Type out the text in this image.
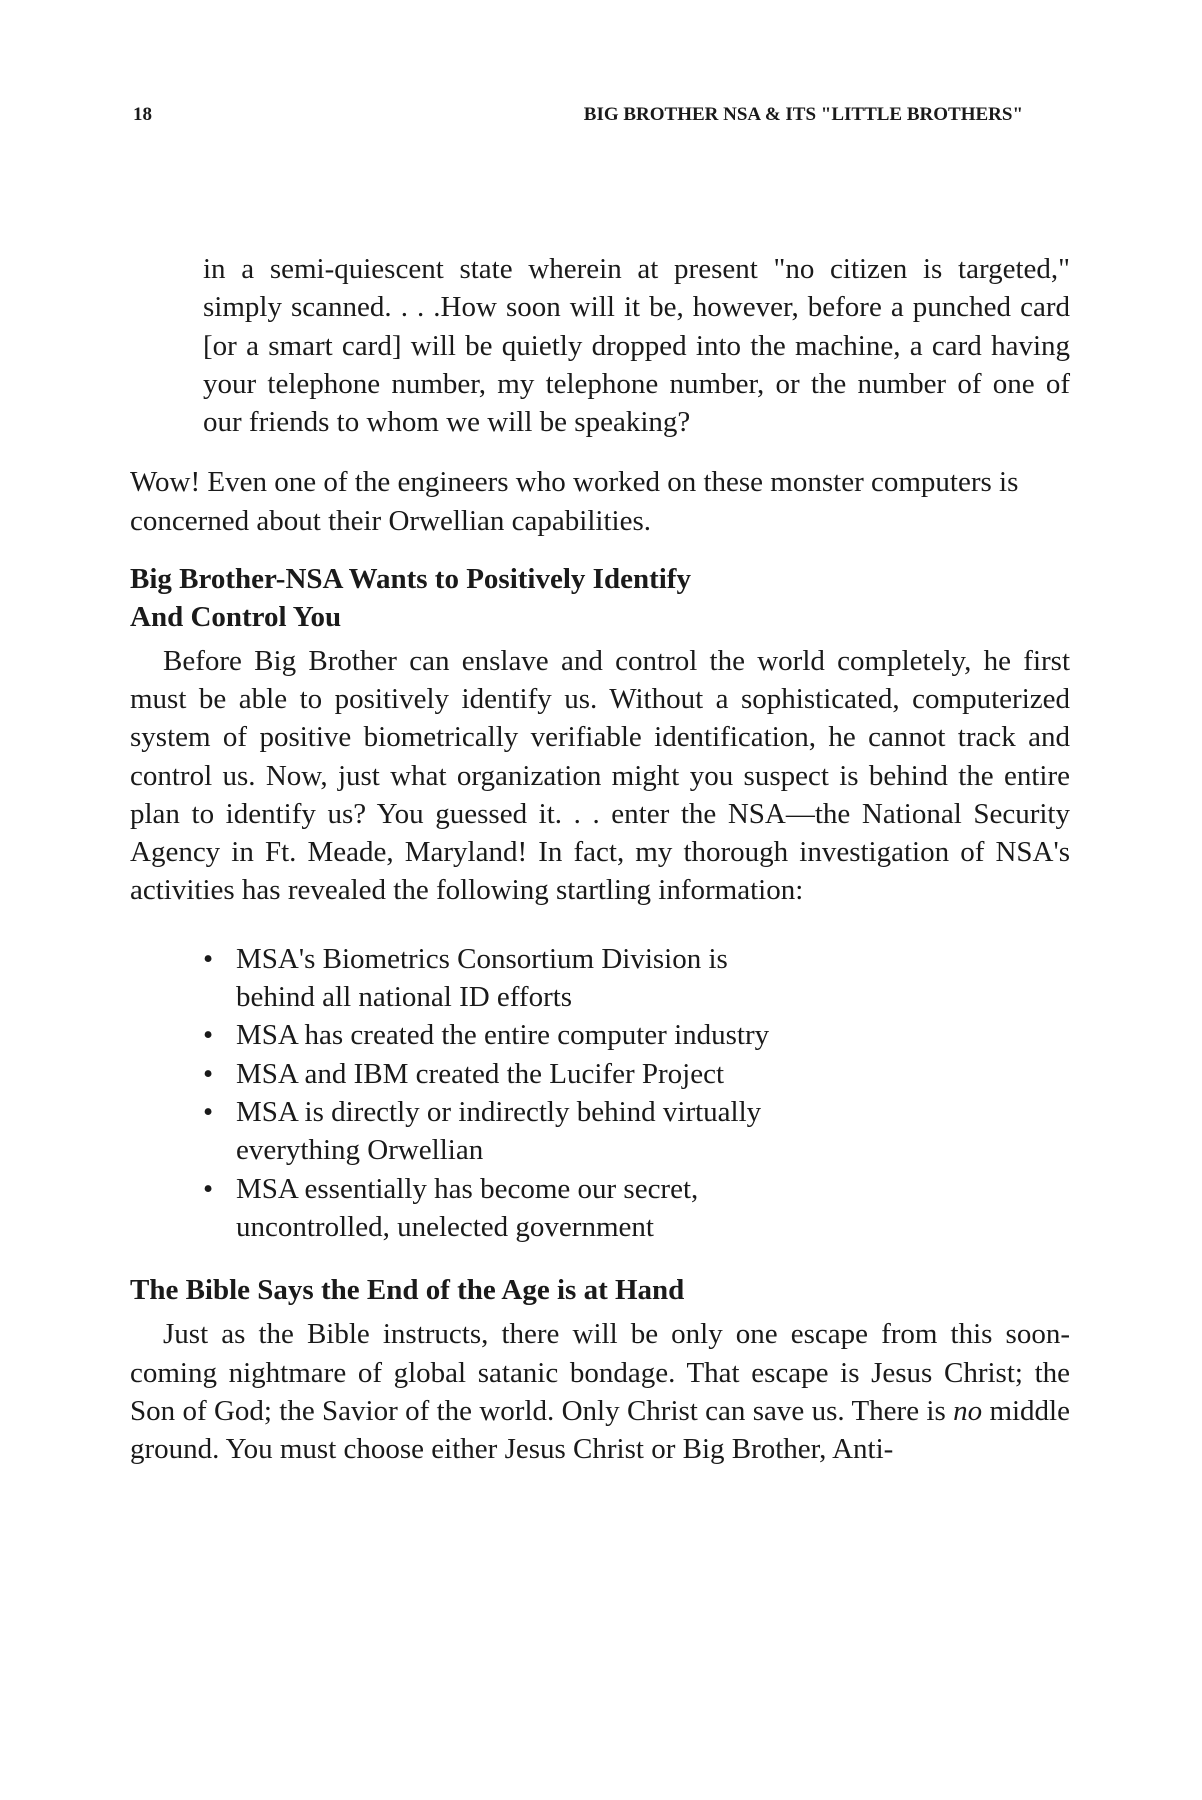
18	BIG BROTHER NSA & ITS "LITTLE BROTHERS"

in a semi-quiescent state wherein at present "no citizen is targeted," simply scanned. . . .How soon will it be, however, before a punched card [or a smart card] will be quietly dropped into the machine, a card having your telephone number, my telephone number, or the number of one of our friends to whom we will be speaking?

Wow! Even one of the engineers who worked on these monster computers is concerned about their Orwellian capabilities.

Big Brother-NSA Wants to Positively Identify
And Control You

Before Big Brother can enslave and control the world completely, he first must be able to positively identify us. Without a sophisticated, computerized system of positive biometrically verifiable identification, he cannot track and control us. Now, just what organization might you suspect is behind the entire plan to identify us? You guessed it. . . enter the NSA—the National Security Agency in Ft. Meade, Maryland! In fact, my thorough investigation of NSA's activities has revealed the following startling information:

• MSA's Biometrics Consortium Division is behind all national ID efforts
• MSA has created the entire computer industry
• MSA and IBM created the Lucifer Project
• MSA is directly or indirectly behind virtually everything Orwellian
• MSA essentially has become our secret, uncontrolled, unelected government
The Bible Says the End of the Age is at Hand

Just as the Bible instructs, there will be only one escape from this soon-coming nightmare of global satanic bondage. That escape is Jesus Christ; the Son of God; the Savior of the world. Only Christ can save us. There is no middle ground. You must choose either Jesus Christ or Big Brother, Anti-
